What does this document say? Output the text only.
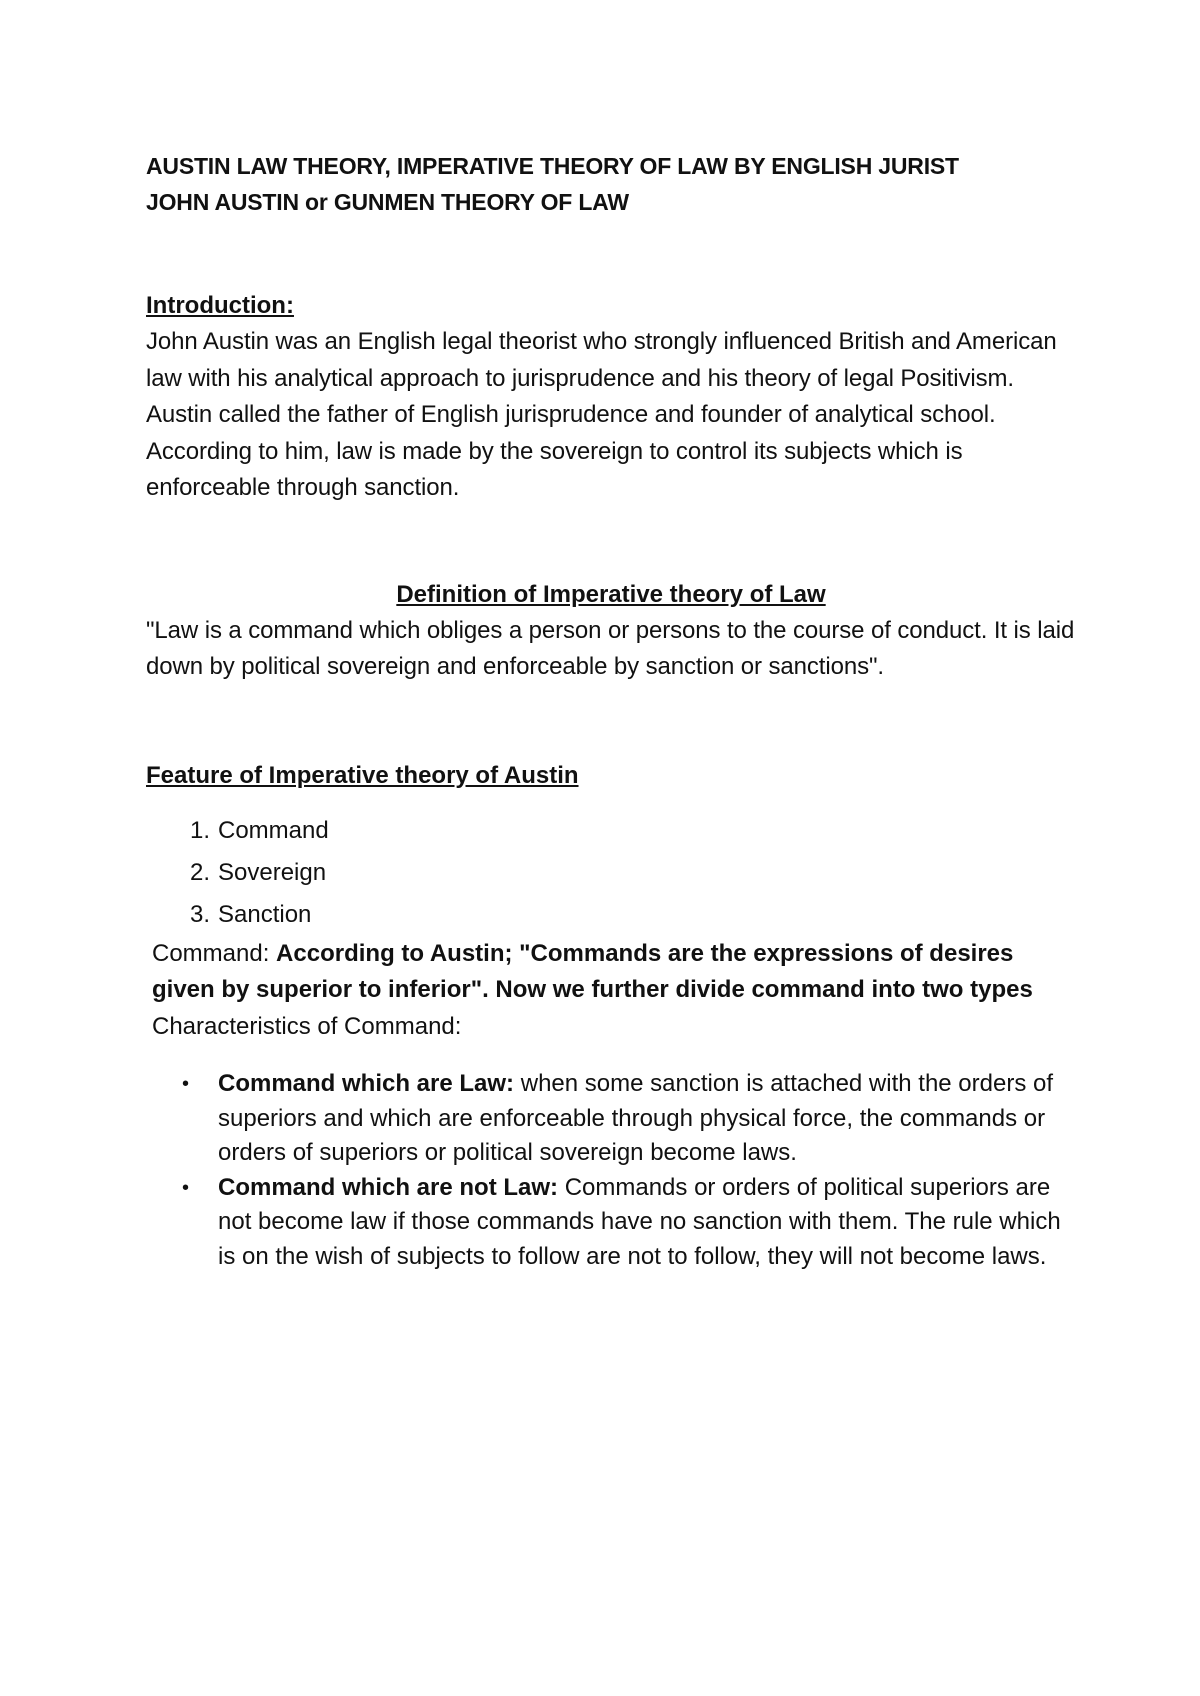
AUSTIN LAW THEORY, IMPERATIVE THEORY OF LAW BY ENGLISH JURIST
JOHN AUSTIN or GUNMEN THEORY OF LAW
Introduction:

John Austin was an English legal theorist who strongly influenced British and American law with his analytical approach to jurisprudence and his theory of legal Positivism. Austin called the father of English jurisprudence and founder of analytical school. According to him, law is made by the sovereign to control its subjects which is enforceable through sanction.

Definition of Imperative theory of Law

"Law is a command which obliges a person or persons to the course of conduct. It is laid down by political sovereign and enforceable by sanction or sanctions".

Feature of Imperative theory of Austin
1. Command
2. Sovereign
3. Sanction

Command: According to Austin; "Commands are the expressions of desires given by superior to inferior". Now we further divide command into two types

Characteristics of Command:

•	Command which are Law: when some sanction is attached with the orders of superiors and which are enforceable through physical force, the commands or orders of superiors or political sovereign become laws.
•	Command which are not Law: Commands or orders of political superiors are not become law if those commands have no sanction with them. The rule which is on the wish of subjects to follow are not to follow, they will not become laws.
